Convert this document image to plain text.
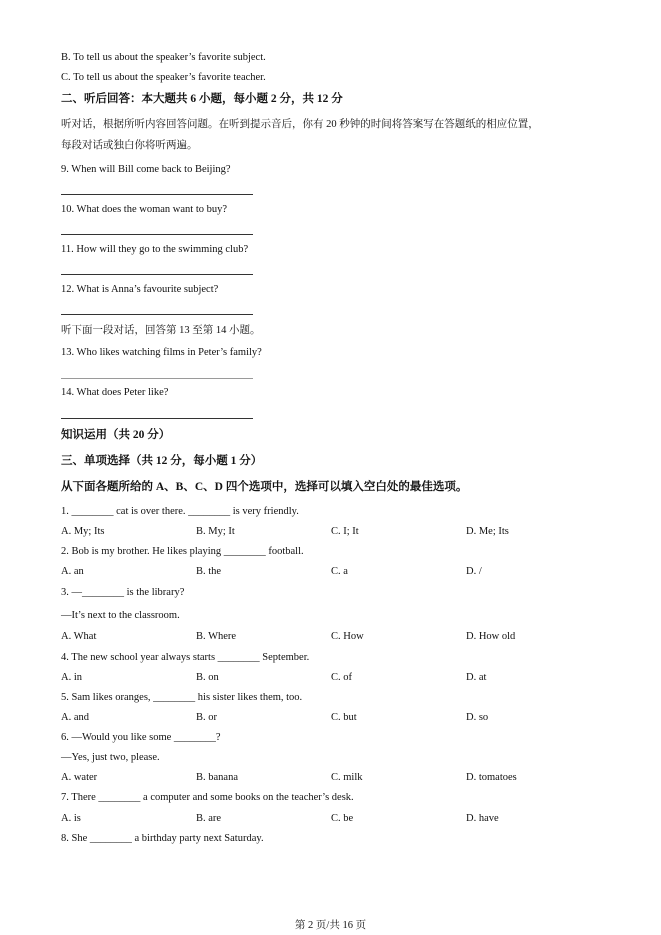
B. To tell us about the speaker’s favorite subject.
C. To tell us about the speaker’s favorite teacher.
二、听后回答：本大题共 6 小题，每小题 2 分，共 12 分
听对话，根据所听内容回答问题。在听到提示音后，你有 20 秒钟的时间将答案写在答题纸的相应位置，
每段对话或独白你将听两遍。
9. When will Bill come back to Beijing?
10. What does the woman want to buy?
11. How will they go to the swimming club?
12. What is Anna’s favourite subject?
听下面一段对话，回答第 13 至第 14 小题。
13. Who likes watching films in Peter’s family?
14. What does Peter like?
知识运用（共 20 分）
三、单项选择（共 12 分，每小题 1 分）
从下面各题所给的 A、B、C、D 四个选项中，选择可以填入空白处的最佳选项。
1. ________ cat is over there. ________ is very friendly.
A. My; Its	B. My; It	C. I; It	D. Me; Its
2. Bob is my brother. He likes playing ________ football.
A. an	B. the	C. a	D. /
3. —________ is the library?
—It’s next to the classroom.
A. What	B. Where	C. How	D. How old
4. The new school year always starts ________ September.
A. in	B. on	C. of	D. at
5. Sam likes oranges, ________ his sister likes them, too.
A. and	B. or	C. but	D. so
6. —Would you like some ________?
—Yes, just two, please.
A. water	B. banana	C. milk	D. tomatoes
7. There ________ a computer and some books on the teacher’s desk.
A. is	B. are	C. be	D. have
8. She ________ a birthday party next Saturday.
第 2 页/共 16 页
